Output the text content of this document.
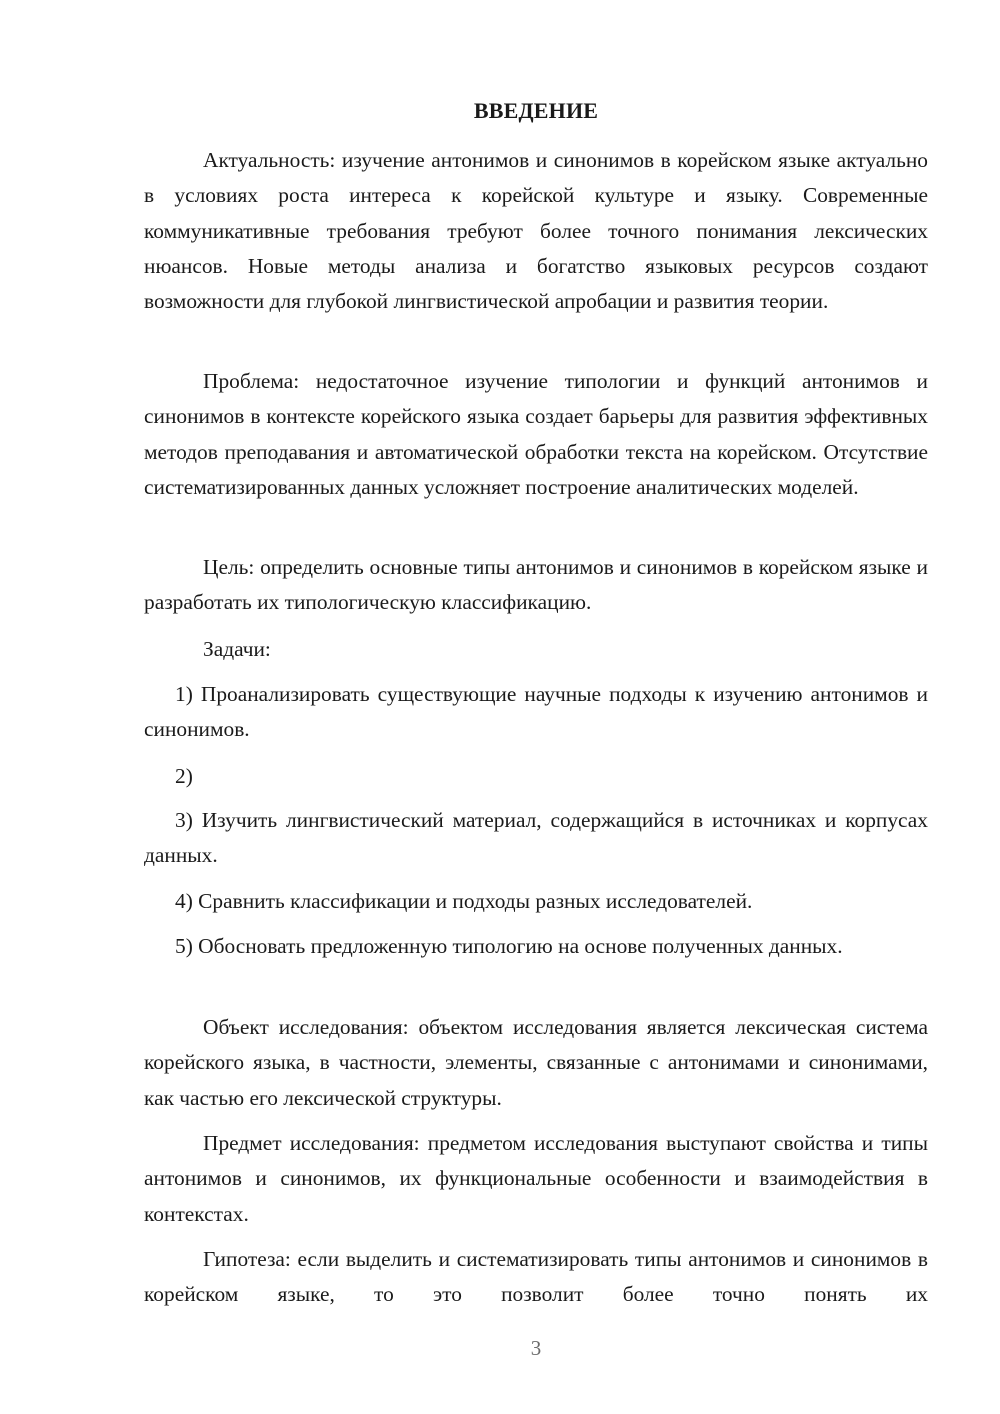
ВВЕДЕНИЕ

Актуальность: изучение антонимов и синонимов в корейском языке актуально в условиях роста интереса к корейской культуре и языку. Современные коммуникативные требования требуют более точного понимания лексических нюансов. Новые методы анализа и богатство языковых ресурсов создают возможности для глубокой лингвистической апробации и развития теории.

Проблема: недостаточное изучение типологии и функций антонимов и синонимов в контексте корейского языка создает барьеры для развития эффективных методов преподавания и автоматической обработки текста на корейском. Отсутствие систематизированных данных усложняет построение аналитических моделей.

Цель: определить основные типы антонимов и синонимов в корейском языке и разработать их типологическую классификацию.

Задачи:

1) Проанализировать существующие научные подходы к изучению антонимов и синонимов.

2)

3) Изучить лингвистический материал, содержащийся в источниках и корпусах данных.

4) Сравнить классификации и подходы разных исследователей.

5) Обосновать предложенную типологию на основе полученных данных.

Объект исследования: объектом исследования является лексическая система корейского языка, в частности, элементы, связанные с антонимами и синонимами, как частью его лексической структуры.

Предмет исследования: предметом исследования выступают свойства и типы антонимов и синонимов, их функциональные особенности и взаимодействия в контекстах.

Гипотеза: если выделить и систематизировать типы антонимов и синонимов в корейском языке, то это позволит более точно понять их

3
